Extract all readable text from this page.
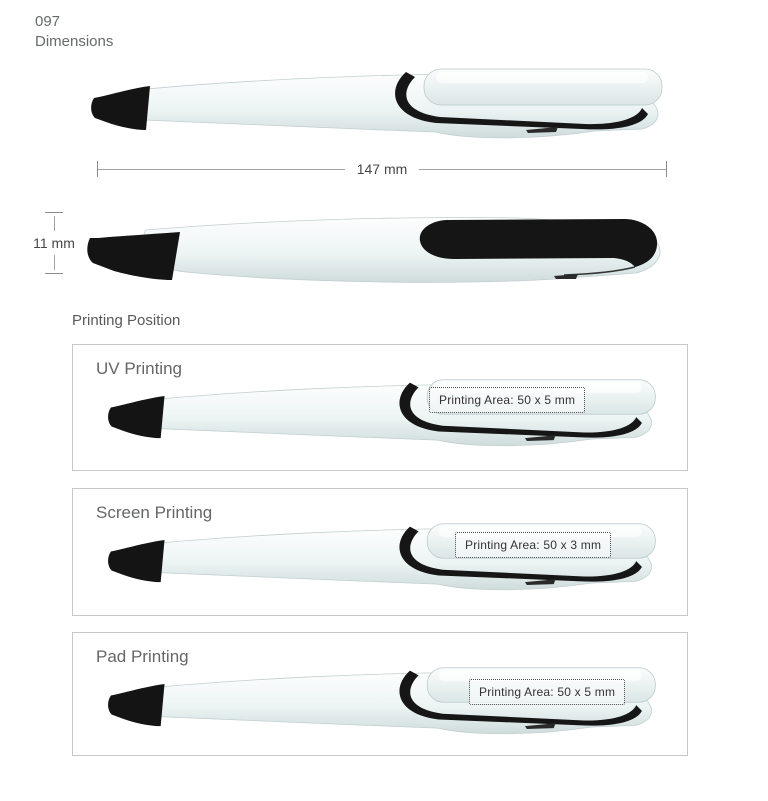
097
Dimensions
147 mm
11 mm
Printing Position
UV Printing
Printing Area: 50 x 5 mm
Screen Printing
Printing Area: 50 x 3 mm
Pad Printing
Printing Area: 50 x 5 mm
